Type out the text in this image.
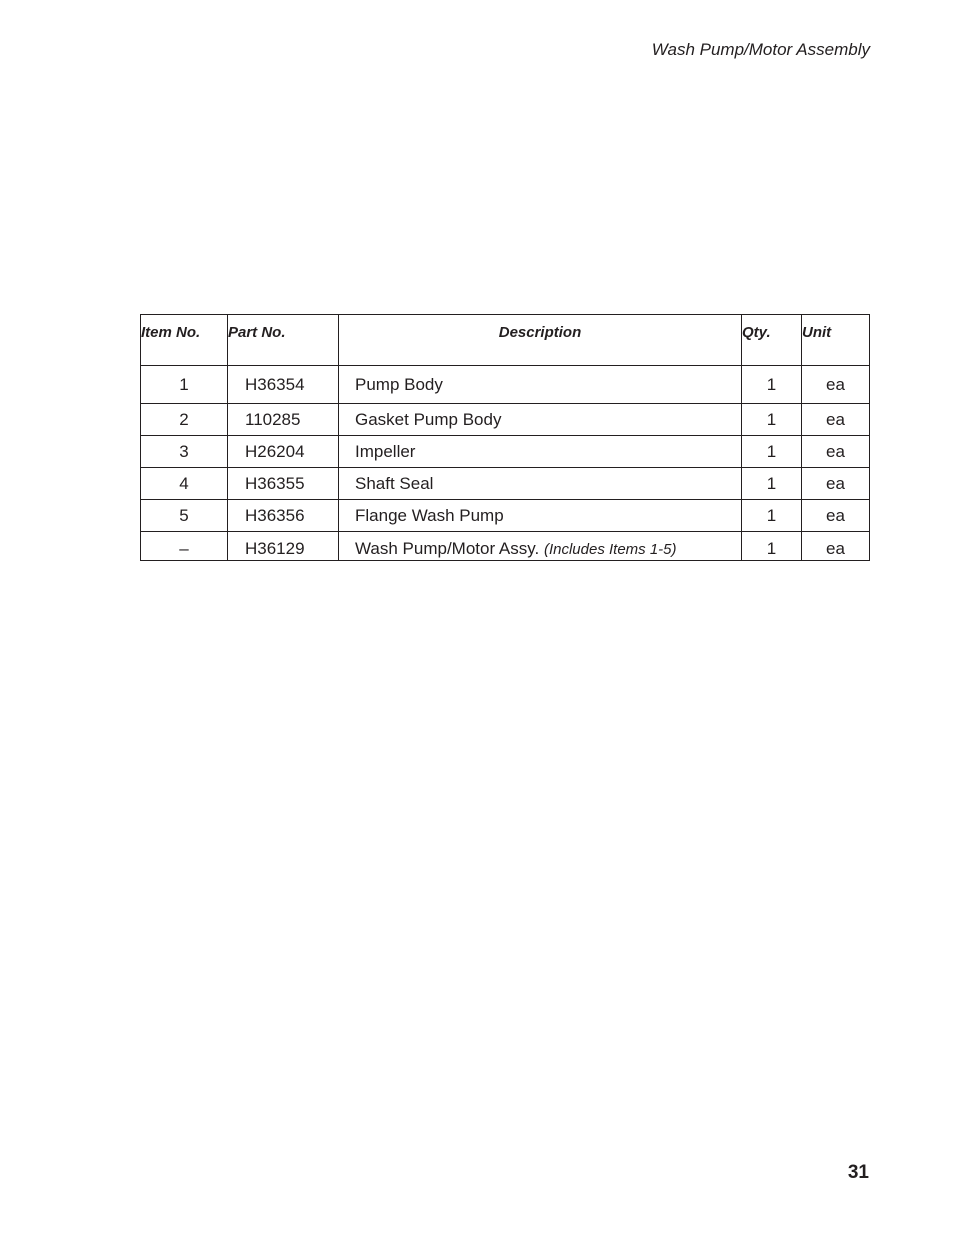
Wash Pump/Motor Assembly
Item No.	Part No.	Description	Qty.	Unit
1	H36354	Pump Body	1	ea
2	110285	Gasket Pump Body	1	ea
3	H26204	Impeller	1	ea
4	H36355	Shaft Seal	1	ea
5	H36356	Flange Wash Pump	1	ea
–	H36129	Wash Pump/Motor Assy. (Includes Items 1-5)	1	ea
31
